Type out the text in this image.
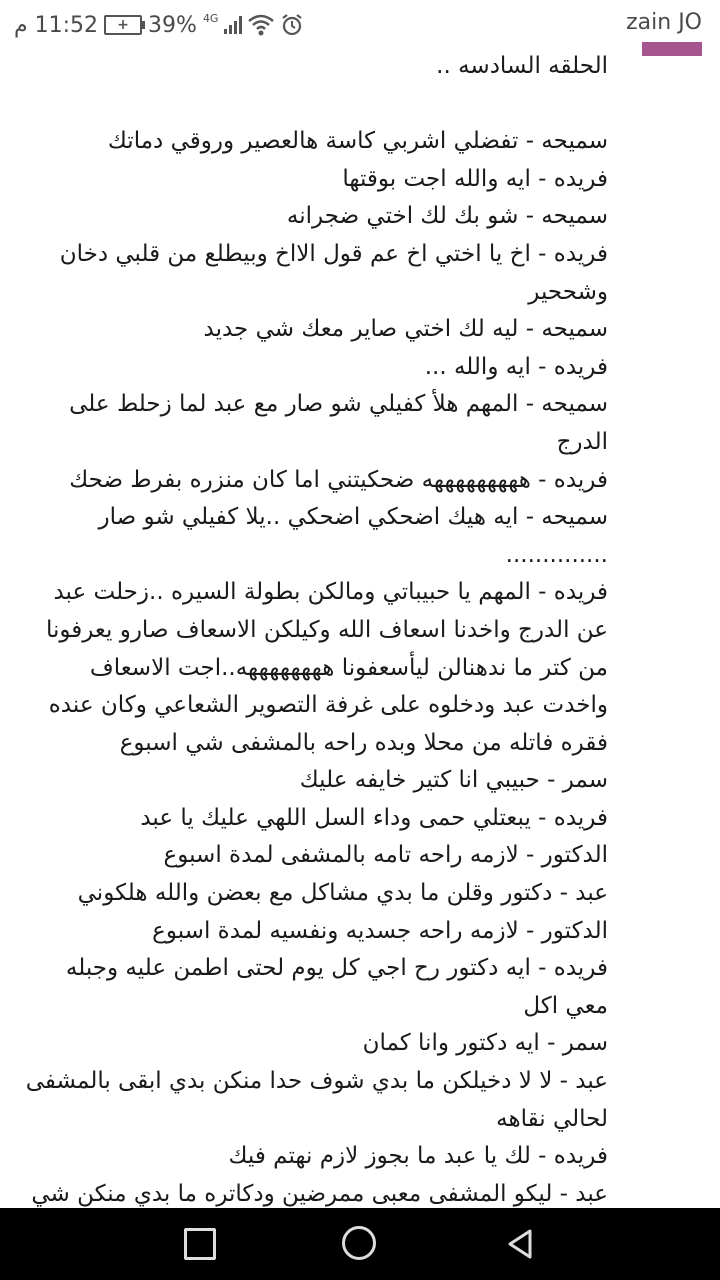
11:52 م + 39% 4G	zain JO

الحلقه السادسه ..

سميحه - تفضلي اشربي كاسة هالعصير وروقي دماتك

فريده - ايه والله اجت بوقتها

سميحه - شو بك لك اختي ضجرانه

فريده - اخ يا اختي اخ عم قول الااخ وبيطلع من قلبي دخان وشححير

سميحه - ليه لك اختي صاير معك شي جديد

فريده - ايه والله ...

سميحه - المهم هلأ كفيلي شو صار مع عبد لما زحلط على الدرج

فريده - هههههههههه ضحكيتني اما كان منزره بفرط ضحك

سميحه - ايه هيك اضحكي اضحكي ..يلا كفيلي شو صار ..............

فريده - المهم يا حبيباتي ومالكن بطولة السيره ..زحلت عبد عن الدرج واخدنا اسعاف الله وكيلكن الاسعاف صارو يعرفونا من كتر ما ندهنالن ليأسعفونا ههههههههه..اجت الاسعاف واخدت عبد ودخلوه على غرفة التصوير الشعاعي وكان عنده فقره فاتله من محلا وبده راحه بالمشفى شي اسبوع

سمر - حبيبي انا كتير خايفه عليك

فريده - يبعتلي حمى وداء السل اللهي عليك يا عبد

الدكتور - لازمه راحه تامه بالمشفى لمدة اسبوع

عبد - دكتور وقلن ما بدي مشاكل مع بعضن والله هلكوني

الدكتور - لازمه راحه جسديه ونفسيه لمدة اسبوع

فريده - ايه دكتور رح اجي كل يوم لحتى اطمن عليه وجبله معي اكل

سمر - ايه دكتور وانا كمان

عبد - لا لا دخيلكن ما بدي شوف حدا منكن بدي ابقى بالمشفى لحالي نقاهه

فريده - لك يا عبد ما بجوز لازم نهتم فيك

عبد - ليكو المشفى معبى ممرضين ودكاتره ما بدي منكن شي
